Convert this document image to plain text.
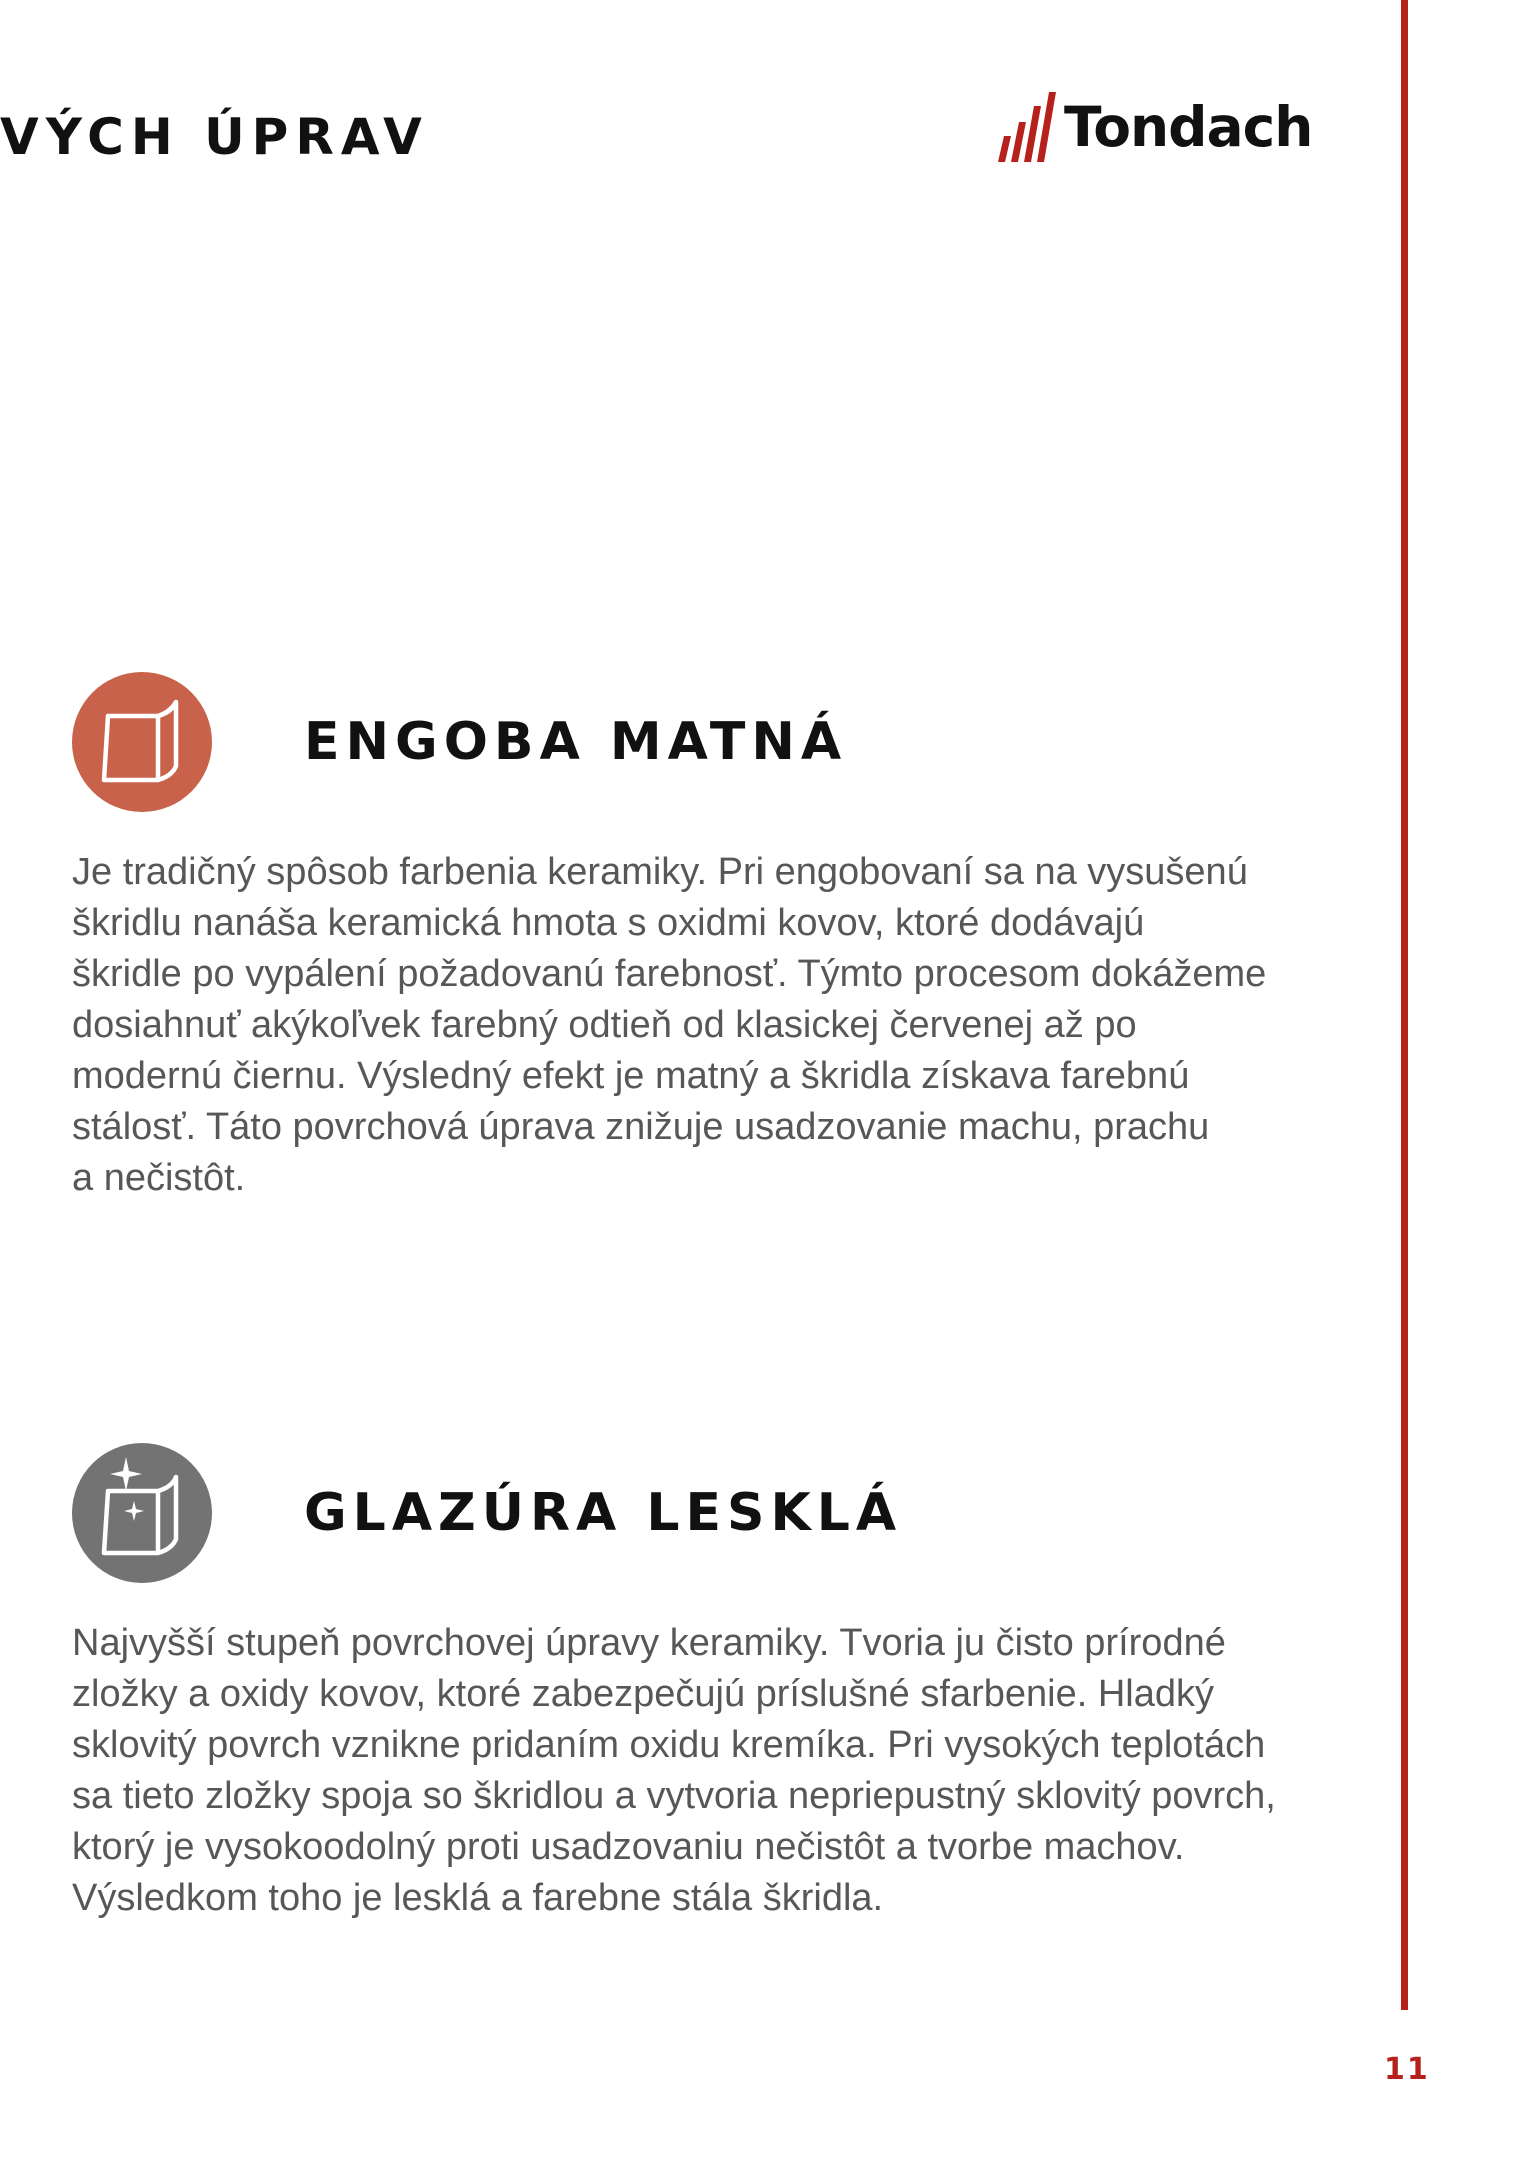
VÝCH ÚPRAV	Tondach
ENGOBA MATNÁ

Je tradičný spôsob farbenia keramiky. Pri engobovaní sa na vysušenú
škridlu nanáša keramická hmota s oxidmi kovov, ktoré dodávajú
škridle po vypálení požadovanú farebnosť. Týmto procesom dokážeme
dosiahnuť akýkoľvek farebný odtieň od klasickej červenej až po
modernú čiernu. Výsledný efekt je matný a škridla získava farebnú
stálosť. Táto povrchová úprava znižuje usadzovanie machu, prachu
a nečistôt.

GLAZÚRA LESKLÁ

Najvyšší stupeň povrchovej úpravy keramiky. Tvoria ju čisto prírodné
zložky a oxidy kovov, ktoré zabezpečujú príslušné sfarbenie. Hladký
sklovitý povrch vznikne pridaním oxidu kremíka. Pri vysokých teplotách
sa tieto zložky spoja so škridlou a vytvoria nepriepustný sklovitý povrch,
ktorý je vysokoodolný proti usadzovaniu nečistôt a tvorbe machov.
Výsledkom toho je lesklá a farebne stála škridla.

11
